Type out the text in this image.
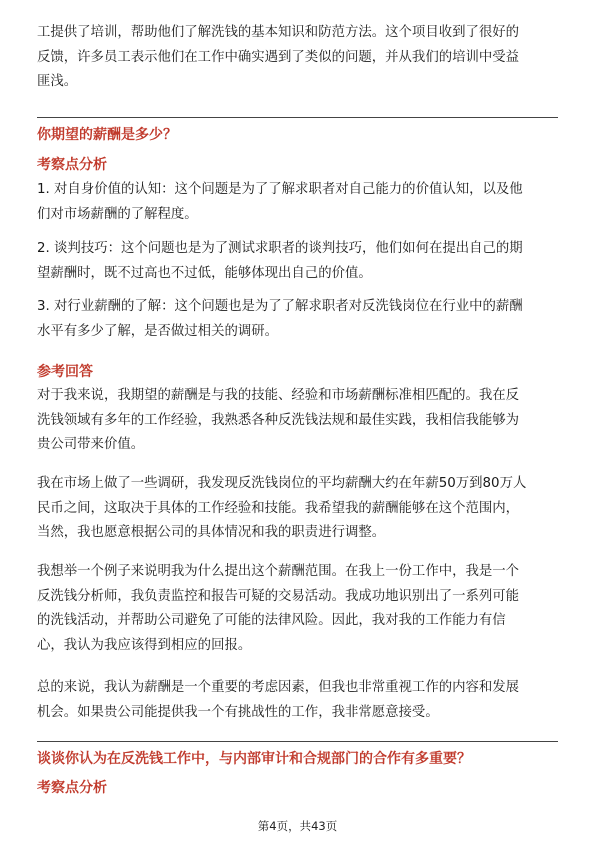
工提供了培训，帮助他们了解洗钱的基本知识和防范方法。这个项目收到了很好的
反馈，许多员工表示他们在工作中确实遇到了类似的问题，并从我们的培训中受益
匪浅。
你期望的薪酬是多少？
考察点分析
1. 对自身价值的认知：这个问题是为了了解求职者对自己能力的价值认知，以及他
们对市场薪酬的了解程度。
2. 谈判技巧：这个问题也是为了测试求职者的谈判技巧，他们如何在提出自己的期
望薪酬时，既不过高也不过低，能够体现出自己的价值。
3. 对行业薪酬的了解：这个问题也是为了了解求职者对反洗钱岗位在行业中的薪酬
水平有多少了解，是否做过相关的调研。
参考回答
对于我来说，我期望的薪酬是与我的技能、经验和市场薪酬标准相匹配的。我在反
洗钱领域有多年的工作经验，我熟悉各种反洗钱法规和最佳实践，我相信我能够为
贵公司带来价值。
我在市场上做了一些调研，我发现反洗钱岗位的平均薪酬大约在年薪50万到80万人
民币之间，这取决于具体的工作经验和技能。我希望我的薪酬能够在这个范围内，
当然，我也愿意根据公司的具体情况和我的职责进行调整。
我想举一个例子来说明我为什么提出这个薪酬范围。在我上一份工作中，我是一个
反洗钱分析师，我负责监控和报告可疑的交易活动。我成功地识别出了一系列可能
的洗钱活动，并帮助公司避免了可能的法律风险。因此，我对我的工作能力有信
心，我认为我应该得到相应的回报。
总的来说，我认为薪酬是一个重要的考虑因素，但我也非常重视工作的内容和发展
机会。如果贵公司能提供我一个有挑战性的工作，我非常愿意接受。
谈谈你认为在反洗钱工作中，与内部审计和合规部门的合作有多重要？
考察点分析
第4页，共43页
